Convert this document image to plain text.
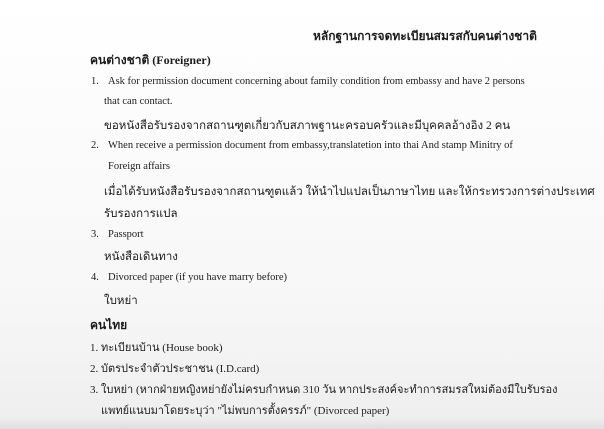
หลักฐานการจดทะเบียนสมรสกับคนต่างชาติ
คนต่างชาติ (Foreigner)
1. Ask for permission document concerning about family condition from embassy and have 2 persons
that can contact.
ขอหนังสือรับรองจากสถานฑูตเกี่ยวกับสภาพฐานะครอบครัวและมีบุคคลอ้างอิง 2 คน
2. When receive a permission document from embassy,translatetion into thai And stamp Minitry of
Foreign affairs
เมื่อได้รับหนังสือรับรองจากสถานฑูตแล้ว ให้นำไปแปลเป็นภาษาไทย และให้กระทรวงการต่างประเทศ
รับรองการแปล
3. Passport
หนังสือเดินทาง
4. Divorced paper (if you have marry before)
ใบหย่า
คนไทย
1. ทะเบียนบ้าน (House book)
2. บัตรประจำตัวประชาชน (I.D.card)
3. ใบหย่า (หากฝ่ายหญิงหย่ายังไม่ครบกำหนด 310 วัน หากประสงค์จะทำการสมรสใหม่ต้องมีใบรับรอง
แพทย์แนบมาโดยระบุว่า "ไม่พบการตั้งครรภ์" (Divorced paper)
